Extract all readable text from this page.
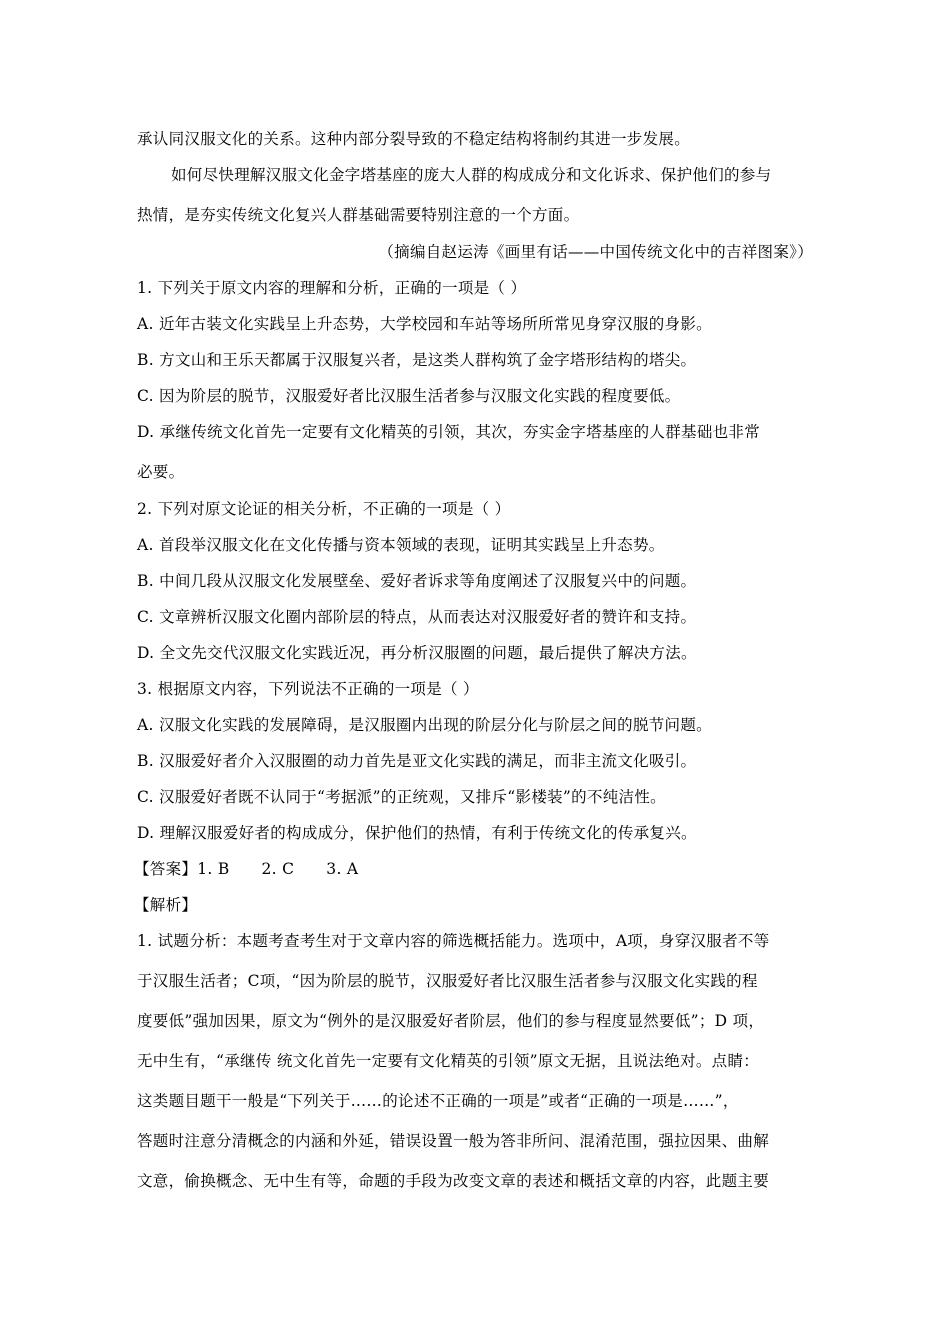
承认同汉服文化的关系。这种内部分裂导致的不稳定结构将制约其进一步发展。
如何尽快理解汉服文化金字塔基座的庞大人群的构成成分和文化诉求、保护他们的参与
热情，是夯实传统文化复兴人群基础需要特别注意的一个方面。
（摘编自赵运涛《画里有话——中国传统文化中的吉祥图案》）
1. 下列关于原文内容的理解和分析，正确的一项是（ ）
A. 近年古装文化实践呈上升态势，大学校园和车站等场所所常见身穿汉服的身影。
B. 方文山和王乐天都属于汉服复兴者，是这类人群构筑了金字塔形结构的塔尖。
C. 因为阶层的脱节，汉服爱好者比汉服生活者参与汉服文化实践的程度要低。
D. 承继传统文化首先一定要有文化精英的引领，其次，夯实金字塔基座的人群基础也非常
必要。
2. 下列对原文论证的相关分析，不正确的一项是（ ）
A. 首段举汉服文化在文化传播与资本领域的表现，证明其实践呈上升态势。
B. 中间几段从汉服文化发展壁垒、爱好者诉求等角度阐述了汉服复兴中的问题。
C. 文章辨析汉服文化圈内部阶层的特点，从而表达对汉服爱好者的赞许和支持。
D. 全文先交代汉服文化实践近况，再分析汉服圈的问题，最后提供了解决方法。
3. 根据原文内容，下列说法不正确的一项是（ ）
A. 汉服文化实践的发展障碍，是汉服圈内出现的阶层分化与阶层之间的脱节问题。
B. 汉服爱好者介入汉服圈的动力首先是亚文化实践的满足，而非主流文化吸引。
C. 汉服爱好者既不认同于“考据派”的正统观，又排斥“影楼装”的不纯洁性。
D. 理解汉服爱好者的构成成分，保护他们的热情，有利于传统文化的传承复兴。
【答案】1. B 2. C 3. A
【解析】
1. 试题分析：本题考查考生对于文章内容的筛选概括能力。选项中，A项，身穿汉服者不等
于汉服生活者；C项，“因为阶层的脱节，汉服爱好者比汉服生活者参与汉服文化实践的程
度要低”强加因果，原文为“例外的是汉服爱好者阶层，他们的参与程度显然要低”；D 项，
无中生有，“承继传 统文化首先一定要有文化精英的引领”原文无据，且说法绝对。点睛：
这类题目题干一般是“下列关于……的论述不正确的一项是”或者“正确的一项是……”，
答题时注意分清概念的内涵和外延，错误设置一般为答非所问、混淆范围，强拉因果、曲解
文意，偷换概念、无中生有等，命题的手段为改变文章的表述和概括文章的内容，此题主要
